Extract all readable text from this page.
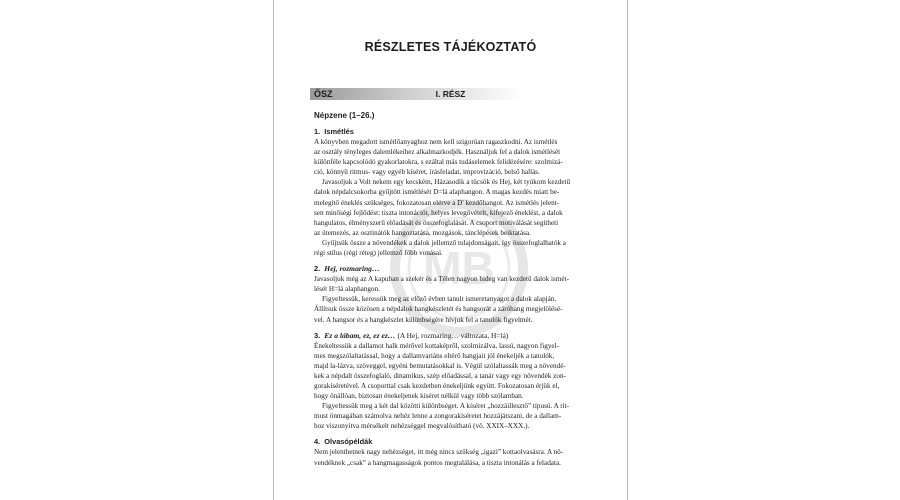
MB
RÉSZLETES TÁJÉKOZTATÓ
ŐSZ	I. RÉSZ
Népzene (1–26.)
1. Ismétlés
A könyvben megadott ismétlőanyaghoz nem kell szigorúan ragaszkodni. Az ismétlés
az osztály tényleges dalemlékeihez alkalmazkodjék. Használjuk fel a dalok ismétlését
különféle kapcsolódó gyakorlatokra, s ezáltal más tudáselemek felidézésére: szolmizá-
ció, könnyű ritmus- vagy egyéb kíséret, írásfeladat, improvizáció, belső hallás.
Javasoljuk a Volt nekem egy kecském, Házasodik a tücsök és Hej, két tyúkom kezdetű
dalok népdalcsokorba gyűjtött ismétlését D=lá alaphangon. A magas kezdés miatt be-
melegítő éneklés szükséges, fokozatosan elérve a D' kezdőhangot. Az ismétlés jelent-
sen minőségi fejlődést: tiszta intonációt, helyes levegővételt, kifejező éneklést, a dalok
hangulatos, élményszerű előadását és összefoglalását. A csoport motiválását segítheti
az ütemezés, az osztinátók hangoztatása, mozgások, tánclépések beiktatása.
Gyűjtsük össze a növendékek a dalok jellemző tulajdonságait, így összefoglalhatók a
régi stílus (régi réteg) jellemző főbb vonásai.
2. Hej, rozmaring…
Javasoljuk még az A kapuban a szekér és a Télen nagyon hideg van kezdetű dalok ismét-
lését H=lá alaphangon.
Figyeltessük, keressük meg az előző évben tanult ismeretanyagot a dalok alapján.
Állítsuk össze közösen a népdalok hangkészletét és hangsorát a záróhang megjelölésé-
vel. A hangsor és a hangkészlet különbségére hívjuk fel a tanulók figyelmét.
3. Ez a lábam, ez, ez ez… (A Hej, rozmaring… változata, H=lá)
Énekeltessük a dallamot halk mérővel kottaképről, szolmizálva, lassú, nagyon figyel-
mes megszólaltatással, hogy a dallamvariáns eltérő hangjait jól énekeljék a tanulók,
majd la-lázva, szöveggel, egyéni bemutatásokkal is. Végül szólaltassák meg a növendé-
kek a népdalt összefoglaló, dinamikus, szép előadással, a tanár vagy egy növendék zon-
gorakíséretével. A csoporttal csak kezdetben énekeljünk együtt. Fokozatosan érjük el,
hogy önállóan, biztosan énekeljenek kíséret nélkül vagy több szólamban.
Figyeltessük meg a két dal közötti különbséget. A kíséret „hozzáillesztő” típusú. A rit-
must önmagában számolva nehéz lenne a zongorakíséretet hozzájátszani, de a dallam-
hoz viszonyítva mérsékelt nehézséggel megvalósítható (vö. XXIX–XXX.).
4. Olvasópéldák
Nem jelenthetnek nagy nehézséget, itt még nincs szükség „igazi” kottaolvasásra. A nö-
vendéknek „csak” a hangmagasságok pontos megtalálása, a tiszta intonálás a feladata.
